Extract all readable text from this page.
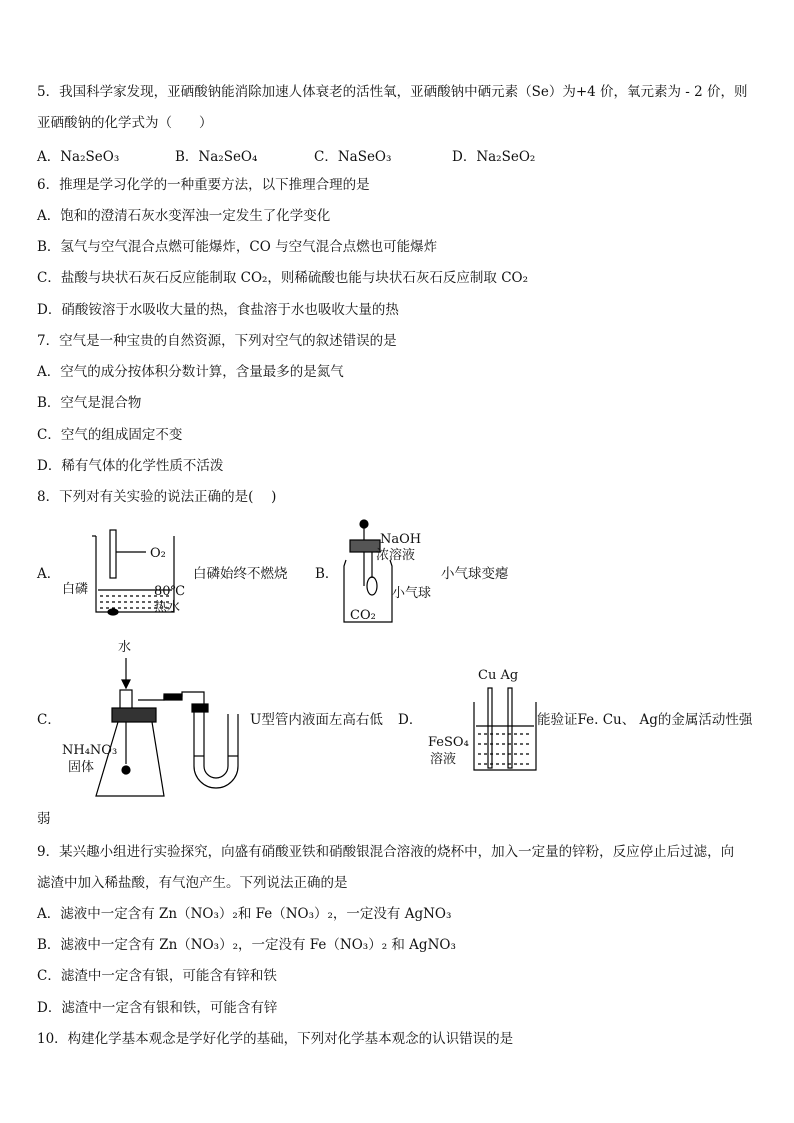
5．我国科学家发现，亚硒酸钠能消除加速人体衰老的活性氧，亚硒酸钠中硒元素（Se）为+4 价，氧元素为 - 2 价，则
亚硒酸钠的化学式为（　　）
A．Na₂SeO₃	B．Na₂SeO₄	C．NaSeO₃	D．Na₂SeO₂
6．推理是学习化学的一种重要方法，以下推理合理的是
A．饱和的澄清石灰水变浑浊一定发生了化学变化
B．氢气与空气混合点燃可能爆炸，CO 与空气混合点燃也可能爆炸
C．盐酸与块状石灰石反应能制取 CO₂，则稀硫酸也能与块状石灰石反应制取 CO₂
D．硝酸铵溶于水吸收大量的热，食盐溶于水也吸收大量的热
7．空气是一种宝贵的自然资源，下列对空气的叙述错误的是
A．空气的成分按体积分数计算，含量最多的是氮气
B．空气是混合物
C．空气的组成固定不变
D．稀有气体的化学性质不活泼
8．下列对有关实验的说法正确的是(　 )
A．
O₂
白磷	80℃
热水
白磷始终不燃烧 B．
NaOH
浓溶液
小气球
CO₂
小气球变瘪
水
C．
NH₄NO₃
固体
U型管内液面左高右低 D．
Cu Ag
FeSO₄
溶液
能验证Fe. Cu、 Ag的金属活动性强
弱
9．某兴趣小组进行实验探究，向盛有硝酸亚铁和硝酸银混合溶液的烧杯中，加入一定量的锌粉，反应停止后过滤，向
滤渣中加入稀盐酸，有气泡产生。下列说法正确的是
A．滤液中一定含有 Zn（NO₃）₂和 Fe（NO₃）₂，一定没有 AgNO₃
B．滤液中一定含有 Zn（NO₃）₂，一定没有 Fe（NO₃）₂ 和 AgNO₃
C．滤渣中一定含有银，可能含有锌和铁
D．滤渣中一定含有银和铁，可能含有锌
10．构建化学基本观念是学好化学的基础，下列对化学基本观念的认识错误的是
